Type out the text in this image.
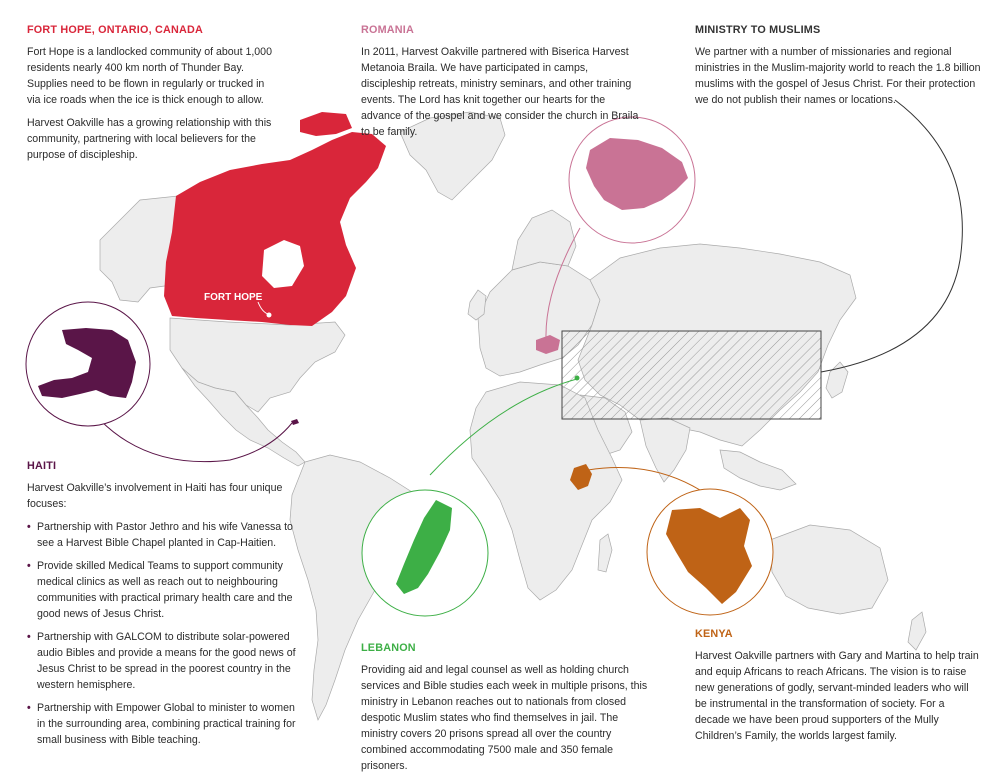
FORT HOPE
FORT HOPE, ONTARIO, CANADA
Fort Hope is a landlocked community of about 1,000 residents nearly 400 km north of Thunder Bay. Supplies need to be flown in regularly or trucked in via ice roads when the ice is thick enough to allow.
Harvest Oakville has a growing relationship with this community, partnering with local believers for the purpose of discipleship.
ROMANIA
In 2011, Harvest Oakville partnered with Biserica Harvest Metanoia Braila. We have participated in camps, discipleship retreats, ministry seminars, and other training events. The Lord has knit together our hearts for the advance of the gospel and we consider the church in Braila to be family.
MINISTRY TO MUSLIMS
We partner with a number of missionaries and regional ministries in the Muslim-majority world to reach the 1.8 billion muslims with the gospel of Jesus Christ. For their protection we do not publish their names or locations.
HAITI
Harvest Oakville’s involvement in Haiti has four unique focuses:
• Partnership with Pastor Jethro and his wife Vanessa to see a Harvest Bible Chapel planted in Cap-Haitien.
• Provide skilled Medical Teams to support community medical clinics as well as reach out to neighbouring communities with practical primary health care and the good news of Jesus Christ.
• Partnership with GALCOM to distribute solar-powered audio Bibles and provide a means for the good news of Jesus Christ to be spread in the poorest country in the western hemisphere.
• Partnership with Empower Global to minister to women in the surrounding area, combining practical training for small business with Bible teaching.
LEBANON
Providing aid and legal counsel as well as holding church services and Bible studies each week in multiple prisons, this ministry in Lebanon reaches out to nationals from closed despotic Muslim states who find themselves in jail. The ministry covers 20 prisons spread all over the country combined accommodating 7500 male and 350 female prisoners.
KENYA
Harvest Oakville partners with Gary and Martina to help train and equip Africans to reach Africans. The vision is to raise new generations of godly, servant-minded leaders who will be instrumental in the transformation of society. For a decade we have been proud supporters of the Mully Children’s Family, the worlds largest family.
